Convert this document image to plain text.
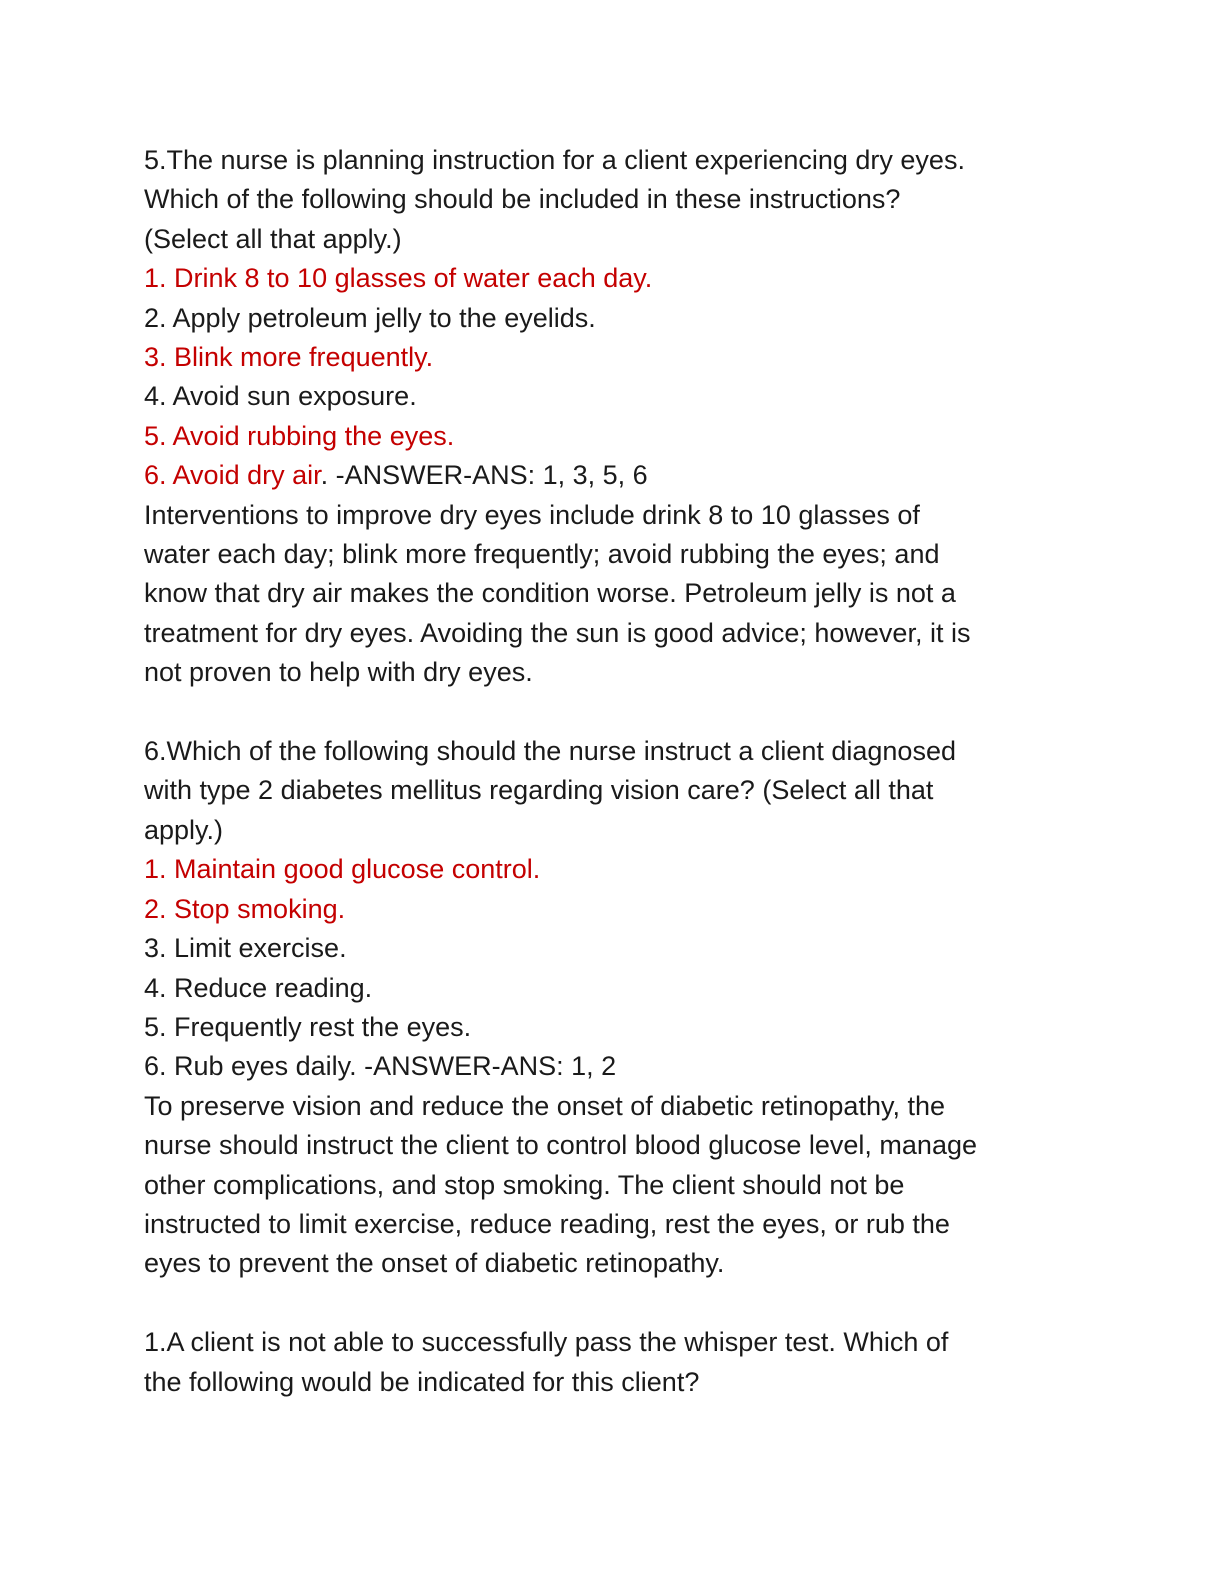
5.The nurse is planning instruction for a client experiencing dry eyes.
Which of the following should be included in these instructions?
(Select all that apply.)
1. Drink 8 to 10 glasses of water each day.
2. Apply petroleum jelly to the eyelids.
3. Blink more frequently.
4. Avoid sun exposure.
5. Avoid rubbing the eyes.
6. Avoid dry air. -ANSWER-ANS: 1, 3, 5, 6
Interventions to improve dry eyes include drink 8 to 10 glasses of
water each day; blink more frequently; avoid rubbing the eyes; and
know that dry air makes the condition worse. Petroleum jelly is not a
treatment for dry eyes. Avoiding the sun is good advice; however, it is
not proven to help with dry eyes.
6.Which of the following should the nurse instruct a client diagnosed
with type 2 diabetes mellitus regarding vision care? (Select all that
apply.)
1. Maintain good glucose control.
2. Stop smoking.
3. Limit exercise.
4. Reduce reading.
5. Frequently rest the eyes.
6. Rub eyes daily. -ANSWER-ANS: 1, 2
To preserve vision and reduce the onset of diabetic retinopathy, the
nurse should instruct the client to control blood glucose level, manage
other complications, and stop smoking. The client should not be
instructed to limit exercise, reduce reading, rest the eyes, or rub the
eyes to prevent the onset of diabetic retinopathy.
1.A client is not able to successfully pass the whisper test. Which of
the following would be indicated for this client?
